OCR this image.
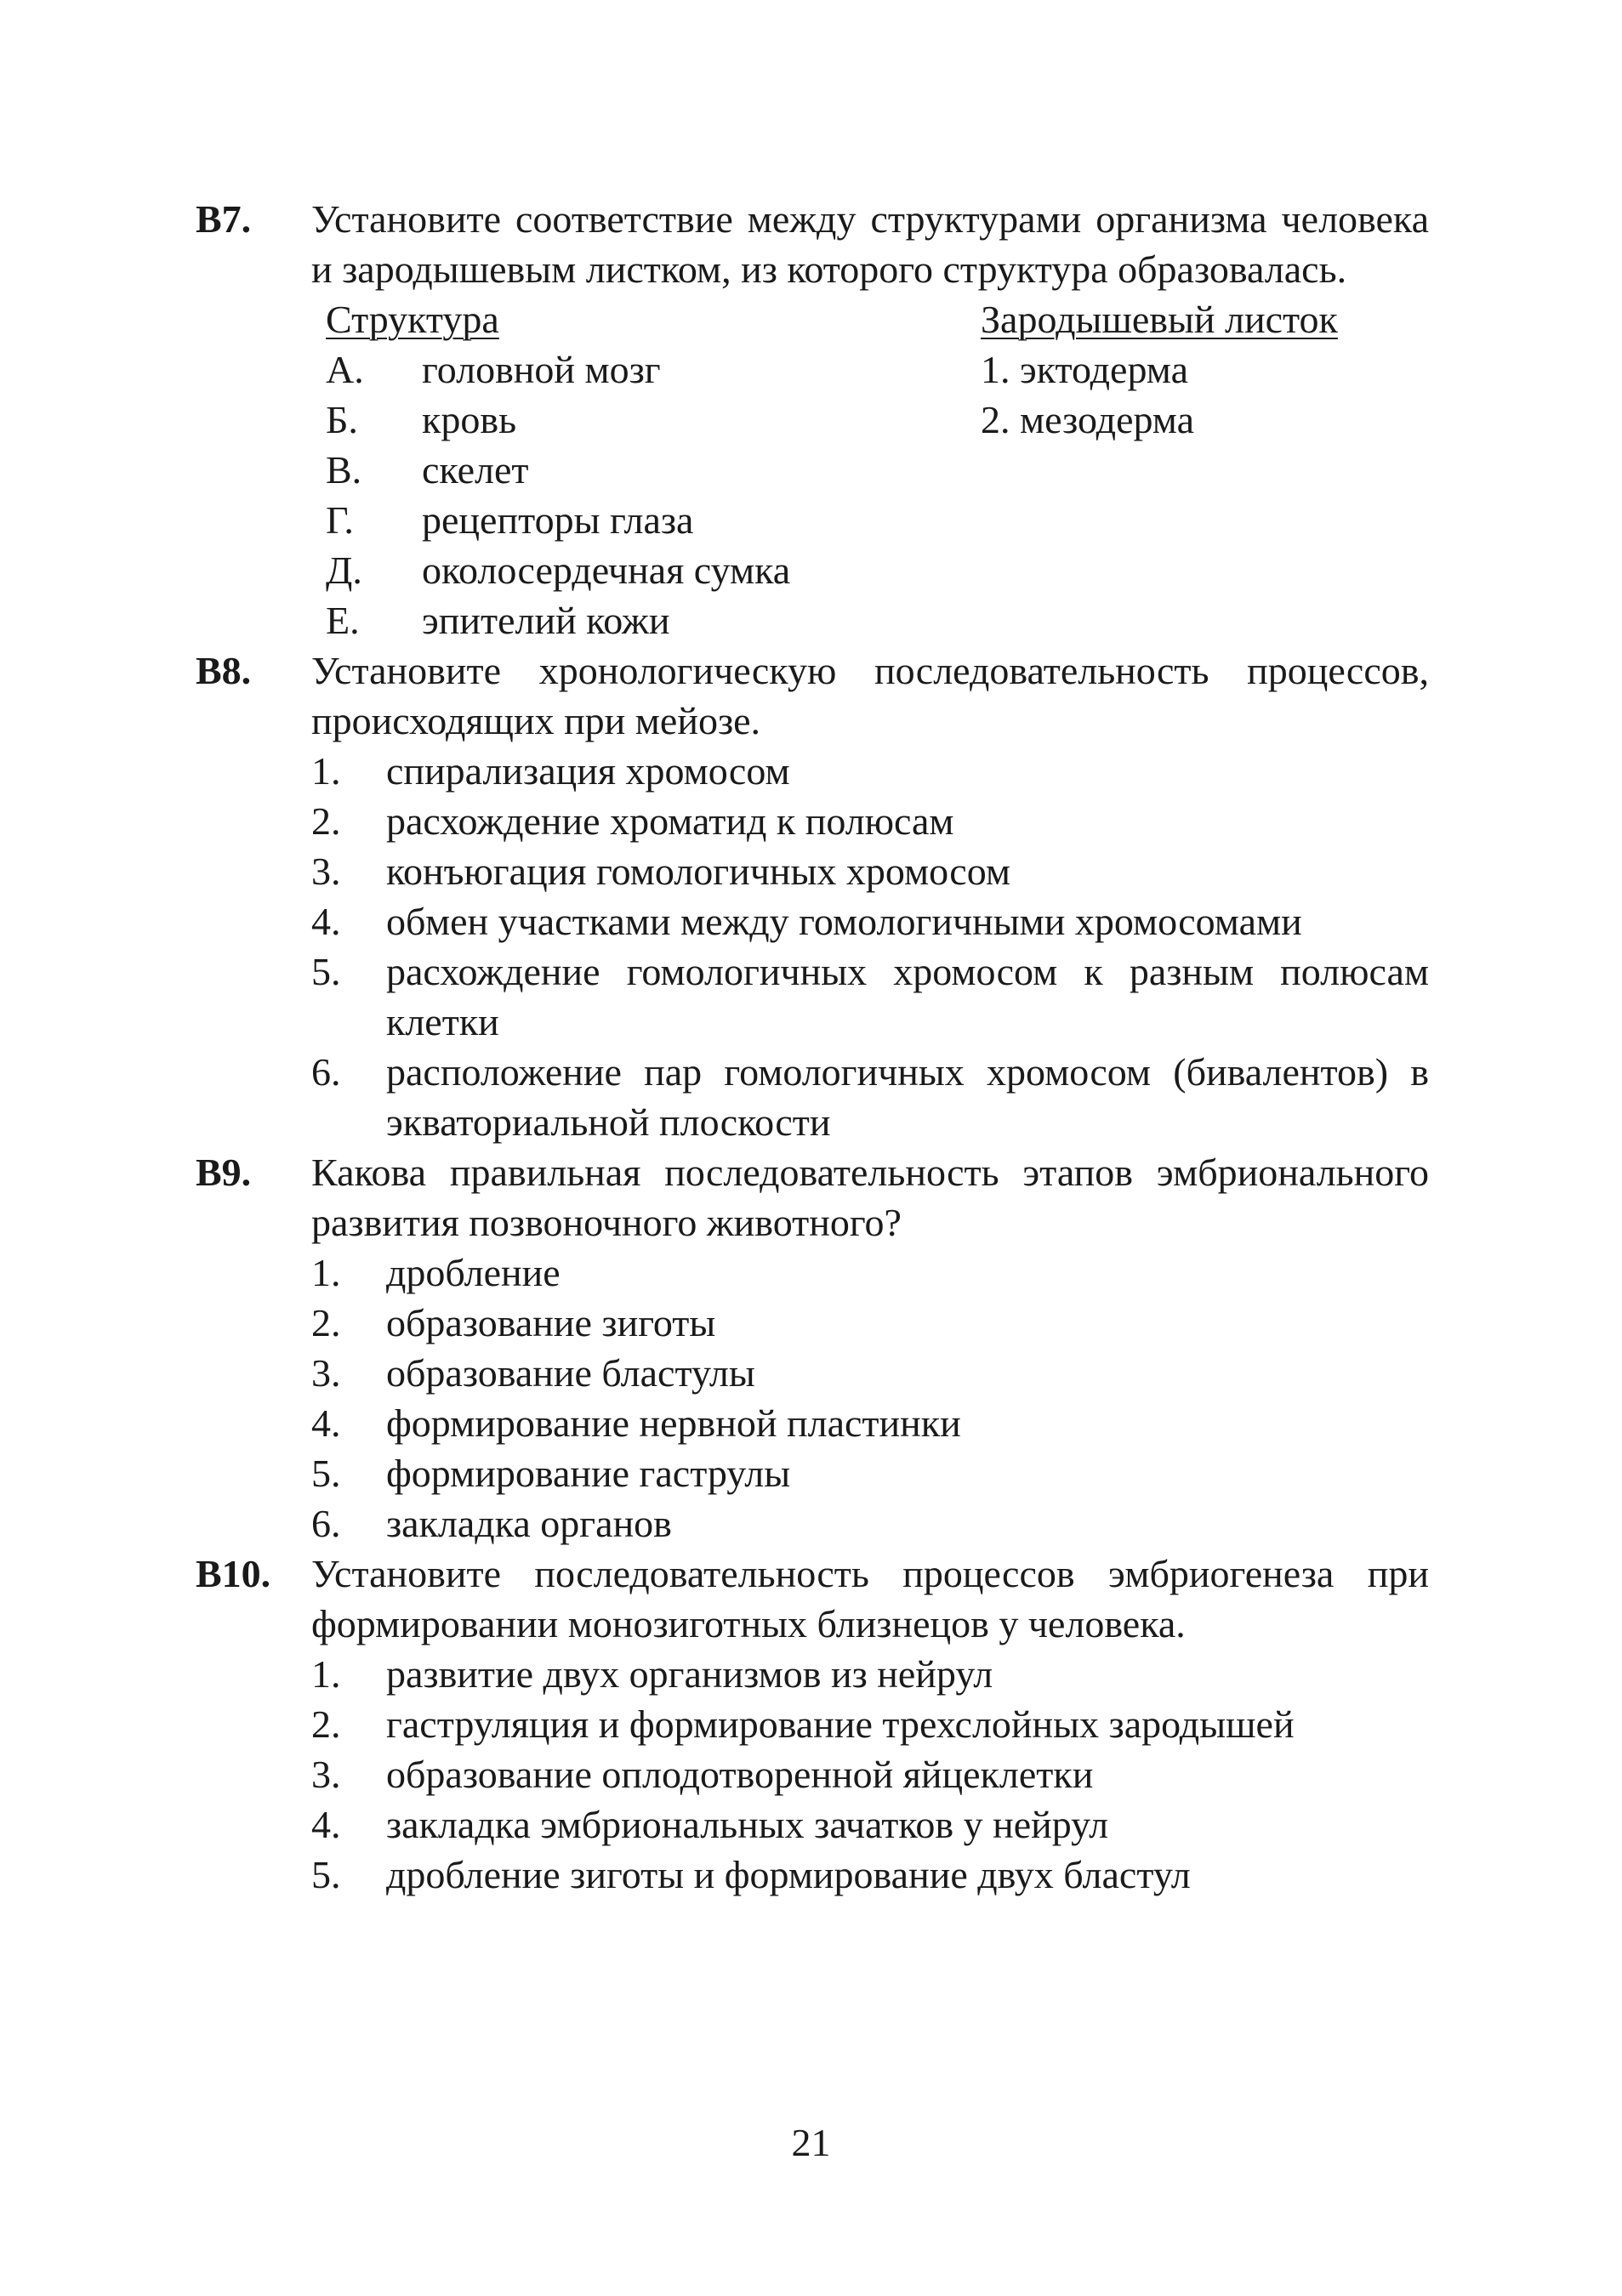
В7.	Установите соответствие между структурами организма человека и зародышевым листком, из которого структура образовалась.
Структура
А.	головной мозг
Б.	кровь
В.	скелет
Г.	рецепторы глаза
Д.	околосердечная сумка
Е.	эпителий кожи
Зародышевый листок
1. эктодерма
2. мезодерма
В8.	Установите хронологическую последовательность процессов, происходящих при мейозе.
1.	спирализация хромосом
2.	расхождение хроматид к полюсам
3.	конъюгация гомологичных хромосом
4.	обмен участками между гомологичными хромосомами
5.	расхождение гомологичных хромосом к разным полюсам клетки
6.	расположение пар гомологичных хромосом (бивалентов) в экваториальной плоскости
В9.	Какова правильная последовательность этапов эмбрионального развития позвоночного животного?
1.	дробление
2.	образование зиготы
3.	образование бластулы
4.	формирование нервной пластинки
5.	формирование гаструлы
6.	закладка органов
В10.	Установите последовательность процессов эмбриогенеза при формировании монозиготных близнецов у человека.
1.	развитие двух организмов из нейрул
2.	гаструляция и формирование трехслойных зародышей
3.	образование оплодотворенной яйцеклетки
4.	закладка эмбриональных зачатков у нейрул
5.	дробление зиготы и формирование двух бластул
21
